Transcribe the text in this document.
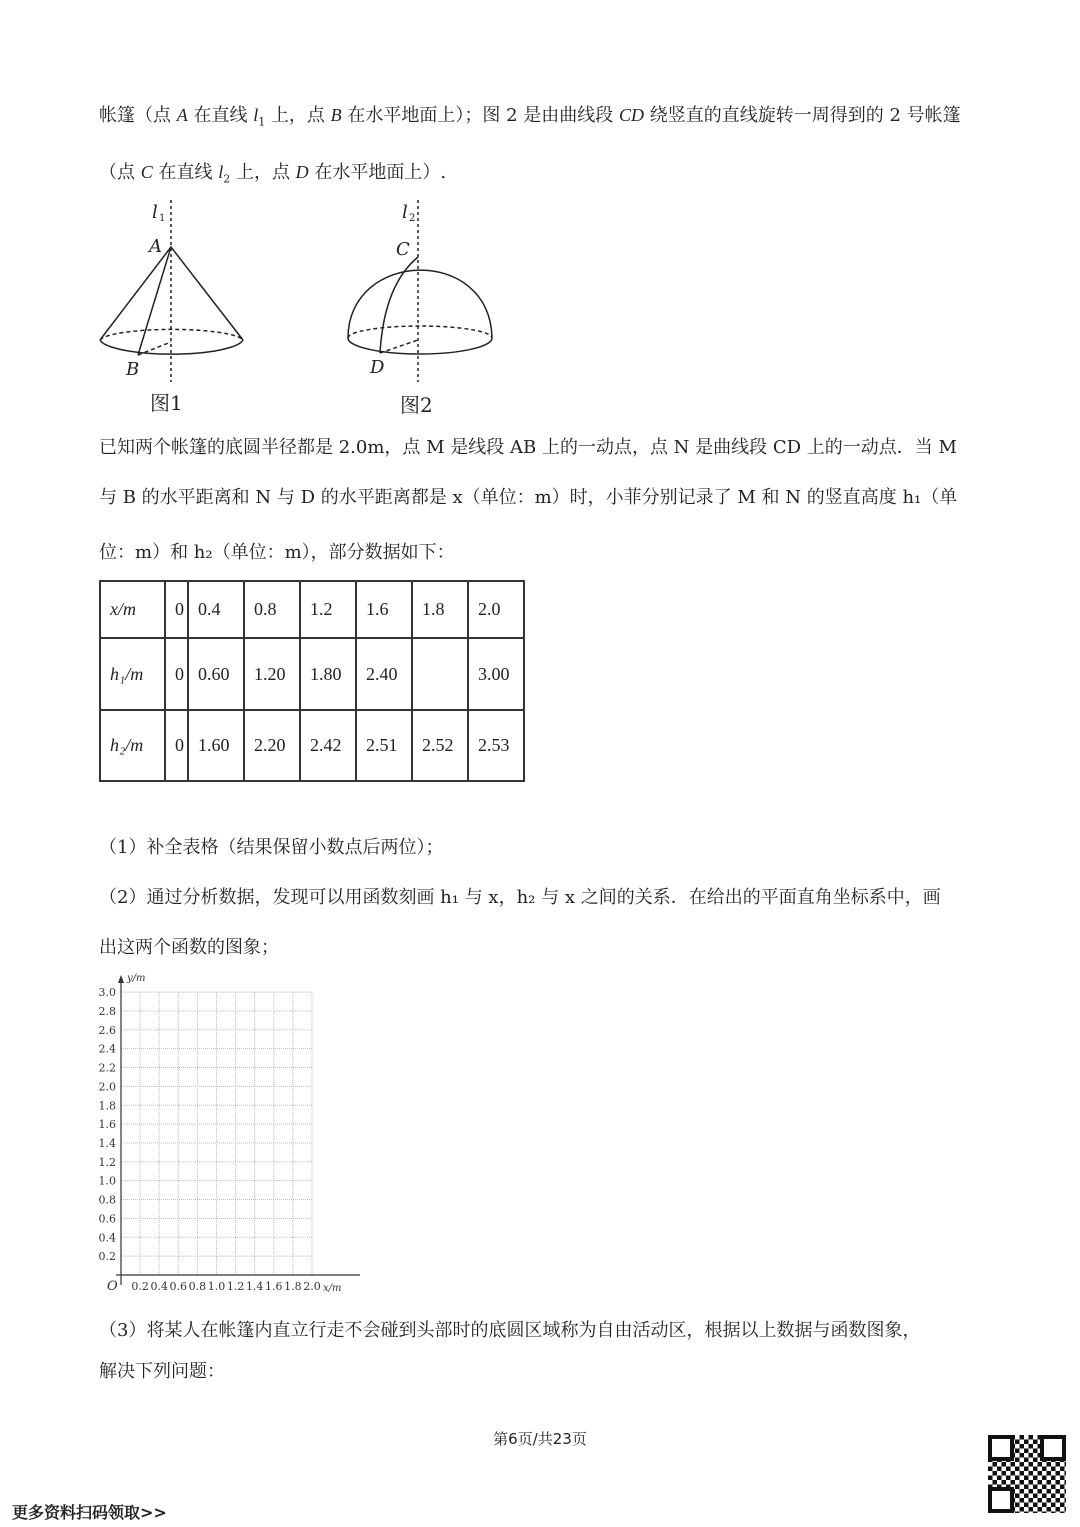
帐篷（点 A 在直线 $l_1$ 上，点 B 在水平地面上）；图 2 是由曲线段 CD 绕竖直的直线旋转一周得到的 2 号帐篷
（点 C 在直线 $l_2$ 上，点 D 在水平地面上）.
l 1
A
B
图1
l 2
C
D
图2
已知两个帐篷的底圆半径都是 2.0m，点 M 是线段 AB 上的一动点，点 N 是曲线段 CD 上的一动点．当 M
与 B 的水平距离和 N 与 D 的水平距离都是 x（单位：m）时，小菲分别记录了 M 和 N 的竖直高度 h₁（单
位：m）和 h₂（单位：m），部分数据如下：
x/m	0	0.4	0.8	1.2	1.6	1.8	2.0
h₁/m	0	0.60	1.20	1.80	2.40		3.00
h₂/m	0	1.60	2.20	2.42	2.51	2.52	2.53
（1）补全表格（结果保留小数点后两位）；
（2）通过分析数据，发现可以用函数刻画 h₁ 与 x，h₂ 与 x 之间的关系．在给出的平面直角坐标系中，画
出这两个函数的图象；
0.2 0.4 0.6 0.8 1.0 1.2 1.4 1.6 1.8 2.0
0.2
0.4
0.6
0.8
1.0
1.2
1.4
1.6
1.8
2.0
2.2
2.4
2.6
2.8
3.0
y/m
x/m
O
（3）将某人在帐篷内直立行走不会碰到头部时的底圆区域称为自由活动区，根据以上数据与函数图象，
解决下列问题：
第6页/共23页
更多资料扫码领取>>
